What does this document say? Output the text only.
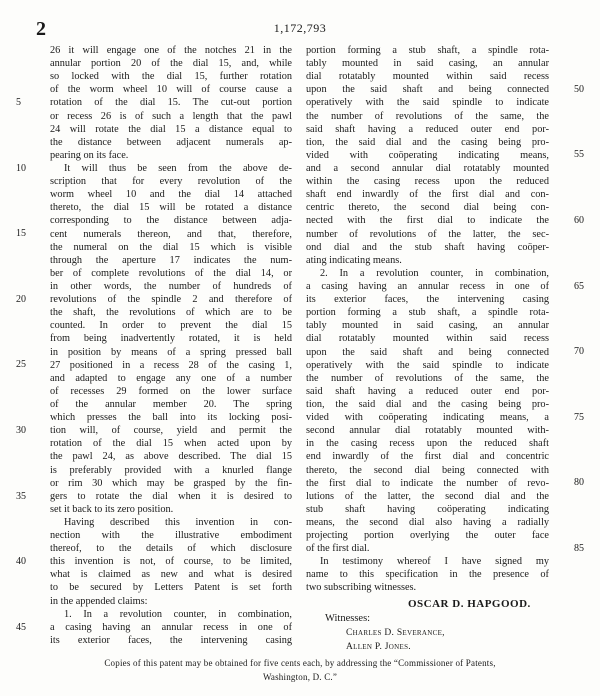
2	1,172,793
26 it will engage one of the notches 21 in the
annular portion 20 of the dial 15, and, while
so locked with the dial 15, further rotation
of the worm wheel 10 will of course cause a
rotation of the dial 15. The cut-out portion
or recess 26 is of such a length that the pawl
24 will rotate the dial 15 a distance equal to
the distance between adjacent numerals ap-
pearing on its face.
It will thus be seen from the above de-
scription that for every revolution of the
worm wheel 10 and the dial 14 attached
thereto, the dial 15 will be rotated a distance
corresponding to the distance between adja-
cent numerals thereon, and that, therefore,
the numeral on the dial 15 which is visible
through the aperture 17 indicates the num-
ber of complete revolutions of the dial 14, or
in other words, the number of hundreds of
revolutions of the spindle 2 and therefore of
the shaft, the revolutions of which are to be
counted. In order to prevent the dial 15
from being inadvertently rotated, it is held
in position by means of a spring pressed ball
27 positioned in a recess 28 of the casing 1,
and adapted to engage any one of a number
of recesses 29 formed on the lower surface
of the annular member 20. The spring
which presses the ball into its locking posi-
tion will, of course, yield and permit the
rotation of the dial 15 when acted upon by
the pawl 24, as above described. The dial 15
is preferably provided with a knurled flange
or rim 30 which may be grasped by the fin-
gers to rotate the dial when it is desired to
set it back to its zero position.
Having described this invention in con-
nection with the illustrative embodiment
thereof, to the details of which disclosure
this invention is not, of course, to be limited,
what is claimed as new and what is desired
to be secured by Letters Patent is set forth
in the appended claims:
1. In a revolution counter, in combination,
a casing having an annular recess in one of
its exterior faces, the intervening casing
portion forming a stub shaft, a spindle rota-
tably mounted in said casing, an annular
dial rotatably mounted within said recess
upon the said shaft and being connected
operatively with the said spindle to indicate
the number of revolutions of the same, the
said shaft having a reduced outer end por-
tion, the said dial and the casing being pro-
vided with coöperating indicating means,
and a second annular dial rotatably mounted
within the casing recess upon the reduced
shaft end inwardly of the first dial and con-
centric thereto, the second dial being con-
nected with the first dial to indicate the
number of revolutions of the latter, the sec-
ond dial and the stub shaft having coöper-
ating indicating means.
2. In a revolution counter, in combination,
a casing having an annular recess in one of
its exterior faces, the intervening casing
portion forming a stub shaft, a spindle rota-
tably mounted in said casing, an annular
dial rotatably mounted within said recess
upon the said shaft and being connected
operatively with the said spindle to indicate
the number of revolutions of the same, the
said shaft having a reduced outer end por-
tion, the said dial and the casing being pro-
vided with coöperating indicating means, a
second annular dial rotatably mounted with-
in the casing recess upon the reduced shaft
end inwardly of the first dial and concentric
thereto, the second dial being connected with
the first dial to indicate the number of revo-
lutions of the latter, the second dial and the
stub shaft having coöperating indicating
means, the second dial also having a radially
projecting portion overlying the outer face
of the first dial.
In testimony whereof I have signed my
name to this specification in the presence of
two subscribing witnesses.
5
10
15
20
25
30
35
40
45
50
55
60
65
70
75
80
85
OSCAR D. HAPGOOD.
Witnesses:
Charles D. Severance,
Allen P. Jones.
Copies of this patent may be obtained for five cents each, by addressing the “Commissioner of Patents,
Washington, D. C.”
